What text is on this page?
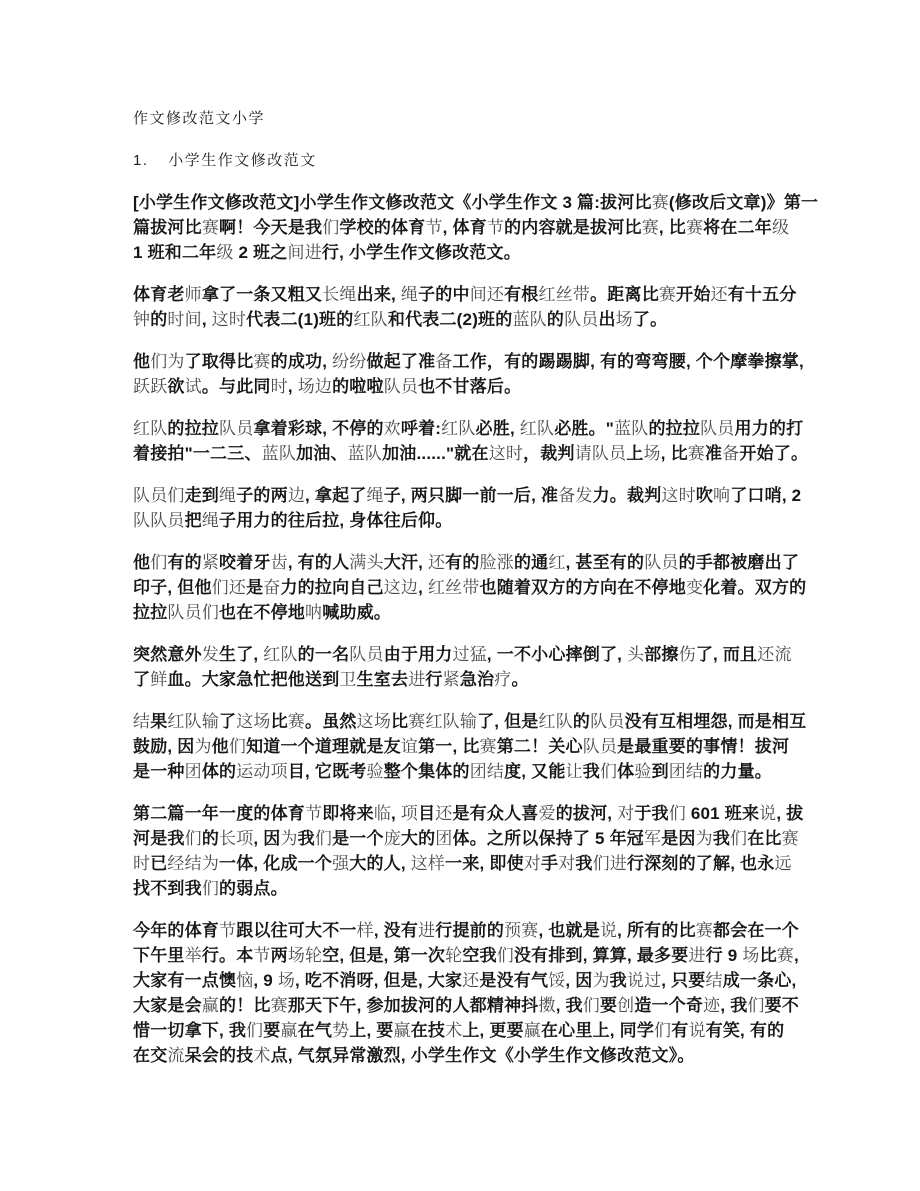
作文修改范文小学
1. 小学生作文修改范文
[小学生作文修改范文]小学生作文修改范文《小学生作文 3 篇:拔河比赛(修改后文章)》第一
篇拔河比赛啊！今天是我们学校的体育节, 体育节的内容就是拔河比赛, 比赛将在二年级
1 班和二年级 2 班之间进行, 小学生作文修改范文。
体育老师拿了一条又粗又长绳出来, 绳子的中间还有根红丝带。距离比赛开始还有十五分
钟的时间, 这时代表二(1)班的红队和代表二(2)班的蓝队的队员出场了。
他们为了取得比赛的成功, 纷纷做起了准备工作，有的踢踢脚, 有的弯弯腰, 个个摩拳擦掌,
跃跃欲试。与此同时, 场边的啦啦队员也不甘落后。
红队的拉拉队员拿着彩球, 不停的欢呼着:红队必胜, 红队必胜。"蓝队的拉拉队员用力的打
着接拍"一二三、蓝队加油、蓝队加油......"就在这时，裁判请队员上场, 比赛准备开始了。
队员们走到绳子的两边, 拿起了绳子, 两只脚一前一后, 准备发力。裁判这时吹响了口哨, 2
队队员把绳子用力的往后拉, 身体往后仰。
他们有的紧咬着牙齿, 有的人满头大汗, 还有的脸涨的通红, 甚至有的队员的手都被磨出了
印子, 但他们还是奋力的拉向自己这边, 红丝带也随着双方的方向在不停地变化着。双方的
拉拉队员们也在不停地呐喊助威。
突然意外发生了, 红队的一名队员由于用力过猛, 一不小心摔倒了, 头部擦伤了, 而且还流
了鲜血。大家急忙把他送到卫生室去进行紧急治疗。
结果红队输了这场比赛。虽然这场比赛红队输了, 但是红队的队员没有互相埋怨, 而是相互
鼓励, 因为他们知道一个道理就是友谊第一, 比赛第二！关心队员是最重要的事情！拔河
是一种团体的运动项目, 它既考验整个集体的团结度, 又能让我们体验到团结的力量。
第二篇一年一度的体育节即将来临, 项目还是有众人喜爱的拔河, 对于我们 601 班来说, 拔
河是我们的长项, 因为我们是一个庞大的团体。之所以保持了 5 年冠军是因为我们在比赛
时已经结为一体, 化成一个强大的人, 这样一来, 即使对手对我们进行深刻的了解, 也永远
找不到我们的弱点。
今年的体育节跟以往可大不一样, 没有进行提前的预赛, 也就是说, 所有的比赛都会在一个
下午里举行。本节两场轮空, 但是, 第一次轮空我们没有排到, 算算, 最多要进行 9 场比赛,
大家有一点懊恼, 9 场, 吃不消呀, 但是, 大家还是没有气馁, 因为我说过, 只要结成一条心,
大家是会赢的！比赛那天下午, 参加拔河的人都精神抖擞, 我们要创造一个奇迹, 我们要不
惜一切拿下, 我们要赢在气势上, 要赢在技术上, 更要赢在心里上, 同学们有说有笑, 有的
在交流呆会的技术点, 气氛异常激烈, 小学生作文《小学生作文修改范文》。
